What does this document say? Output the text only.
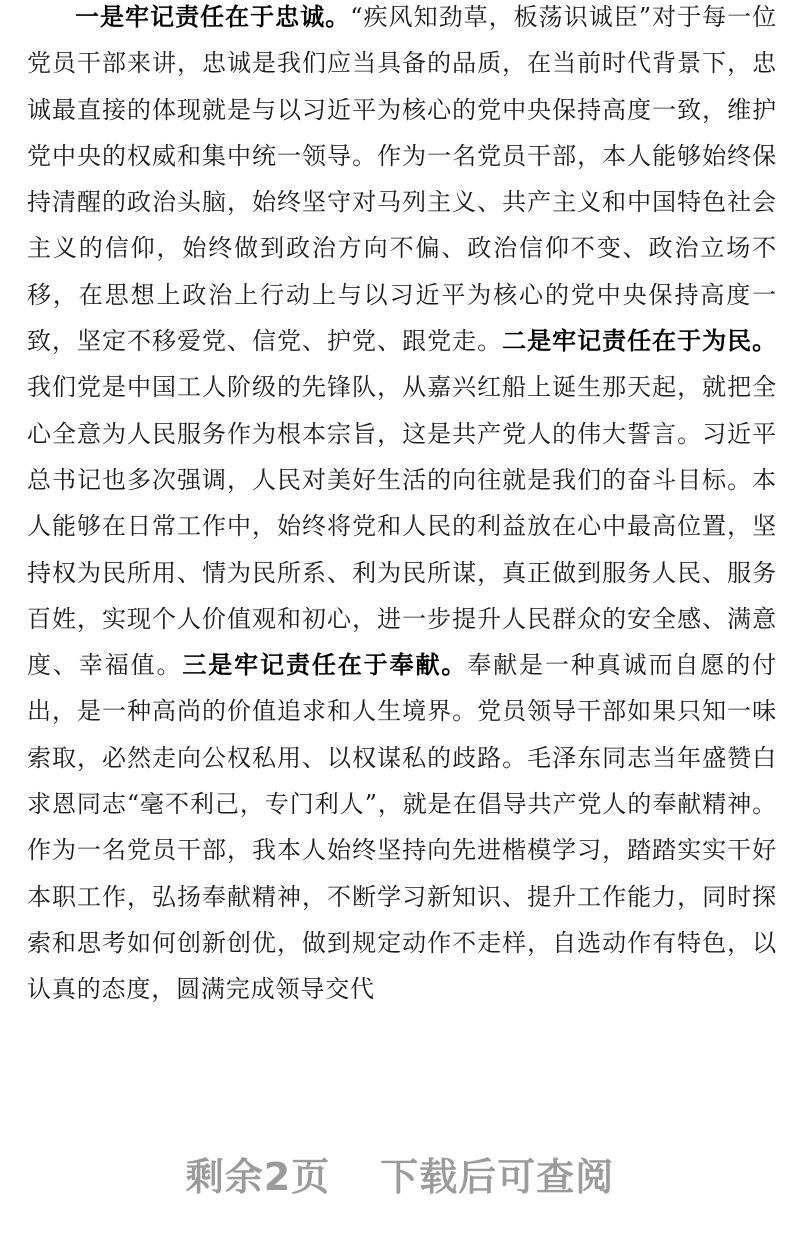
一是牢记责任在于忠诚。“疾风知劲草，板荡识诚臣”对于每一位党员干部来讲，忠诚是我们应当具备的品质，在当前时代背景下，忠诚最直接的体现就是与以习近平为核心的党中央保持高度一致，维护党中央的权威和集中统一领导。作为一名党员干部，本人能够始终保持清醒的政治头脑，始终坚守对马列主义、共产主义和中国特色社会主义的信仰，始终做到政治方向不偏、政治信仰不变、政治立场不移，在思想上政治上行动上与以习近平为核心的党中央保持高度一致，坚定不移爱党、信党、护党、跟党走。二是牢记责任在于为民。我们党是中国工人阶级的先锋队，从嘉兴红船上诞生那天起，就把全心全意为人民服务作为根本宗旨，这是共产党人的伟大誓言。习近平总书记也多次强调，人民对美好生活的向往就是我们的奋斗目标。本人能够在日常工作中，始终将党和人民的利益放在心中最高位置，坚持权为民所用、情为民所系、利为民所谋，真正做到服务人民、服务百姓，实现个人价值观和初心，进一步提升人民群众的安全感、满意度、幸福值。三是牢记责任在于奉献。奉献是一种真诚而自愿的付出，是一种高尚的价值追求和人生境界。党员领导干部如果只知一味索取，必然走向公权私用、以权谋私的歧路。毛泽东同志当年盛赞白求恩同志“毫不利己，专门利人”，就是在倡导共产党人的奉献精神。作为一名党员干部，我本人始终坚持向先进楷模学习，踏踏实实干好本职工作，弘扬奉献精神，不断学习新知识、提升工作能力，同时探索和思考如何创新创优，做到规定动作不走样，自选动作有特色，以认真的态度，圆满完成领导交代
剩余2页 下载后可查阅
